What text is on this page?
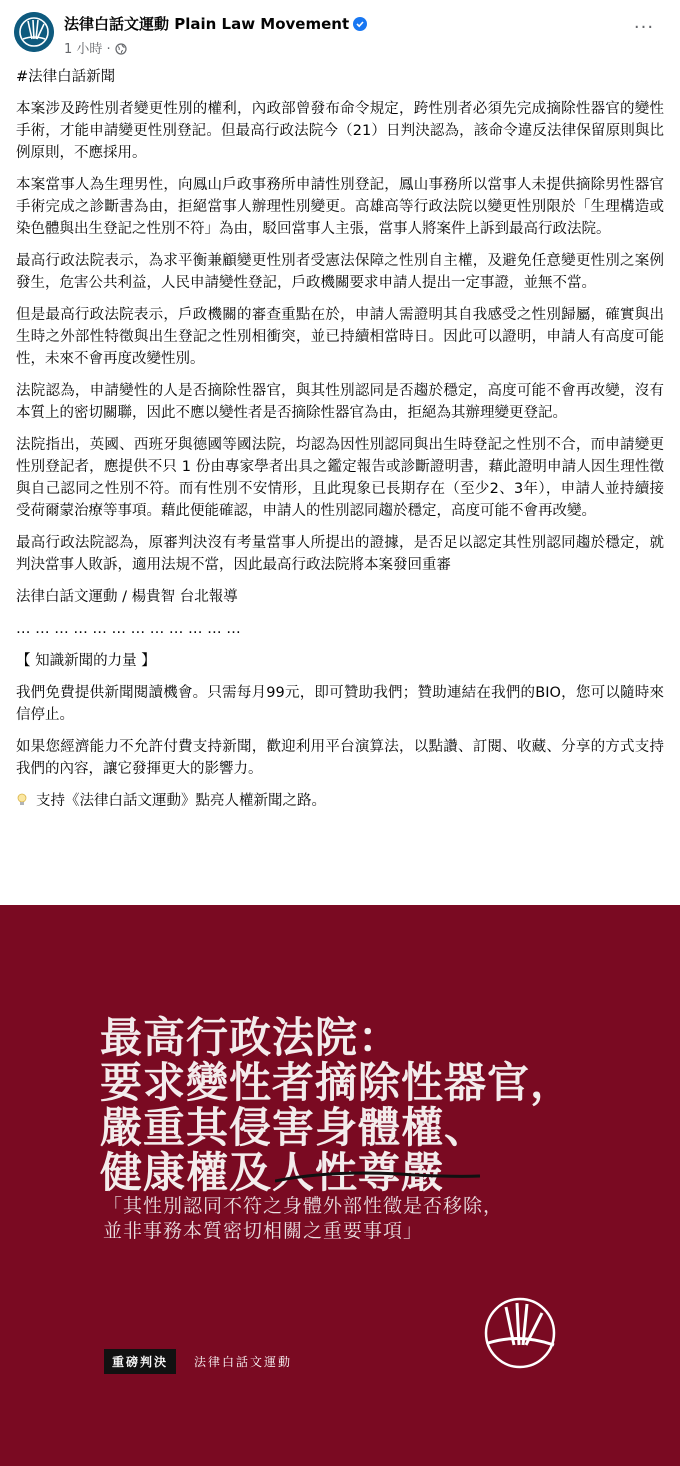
法律白話文運動 Plain Law Movement
1 小時 ·
···

#法律白話新聞

本案涉及跨性別者變更性別的權利，內政部曾發布命令規定，跨性別者必須先完成摘除性器官的變性手術，才能申請變更性別登記。但最高行政法院今（21）日判決認為，該命令違反法律保留原則與比例原則，不應採用。

本案當事人為生理男性，向鳳山戶政事務所申請性別登記，鳳山事務所以當事人未提供摘除男性器官手術完成之診斷書為由，拒絕當事人辦理性別變更。高雄高等行政法院以變更性別限於「生理構造或染色體與出生登記之性別不符」為由，駁回當事人主張，當事人將案件上訴到最高行政法院。

最高行政法院表示，為求平衡兼顧變更性別者受憲法保障之性別自主權，及避免任意變更性別之案例發生，危害公共利益，人民申請變性登記，戶政機關要求申請人提出一定事證，並無不當。

但是最高行政法院表示，戶政機關的審查重點在於，申請人需證明其自我感受之性別歸屬，確實與出生時之外部性特徵與出生登記之性別相衝突，並已持續相當時日。因此可以證明，申請人有高度可能性，未來不會再度改變性別。

法院認為，申請變性的人是否摘除性器官，與其性別認同是否趨於穩定，高度可能不會再改變，沒有本質上的密切關聯，因此不應以變性者是否摘除性器官為由，拒絕為其辦理變更登記。

法院指出，英國、西班牙與德國等國法院，均認為因性別認同與出生時登記之性別不合，而申請變更性別登記者，應提供不只 1 份由專家學者出具之鑑定報告或診斷證明書，藉此證明申請人因生理性徵與自己認同之性別不符。而有性別不安情形，且此現象已長期存在（至少2、3年），申請人並持續接受荷爾蒙治療等事項。藉此便能確認，申請人的性別認同趨於穩定，高度可能不會再改變。

最高行政法院認為，原審判決沒有考量當事人所提出的證據，是否足以認定其性別認同趨於穩定，就判決當事人敗訴，適用法規不當，因此最高行政法院將本案發回重審

法律白話文運動 / 楊貴智 台北報導

… … … … … … … … … … … …

【 知識新聞的力量 】

我們免費提供新聞閱讀機會。只需每月99元，即可贊助我們；贊助連結在我們的BIO，您可以隨時來信停止。

如果您經濟能力不允許付費支持新聞，歡迎利用平台演算法，以點讚、訂閱、收藏、分享的方式支持我們的內容，讓它發揮更大的影響力。

支持《法律白話文運動》點亮人權新聞之路。

最高行政法院：
要求變性者摘除性器官，
嚴重其侵害身體權、
健康權及人性尊嚴
「其性別認同不符之身體外部性徵是否移除，
並非事務本質密切相關之重要事項」
重磅判決	法律白話文運動
